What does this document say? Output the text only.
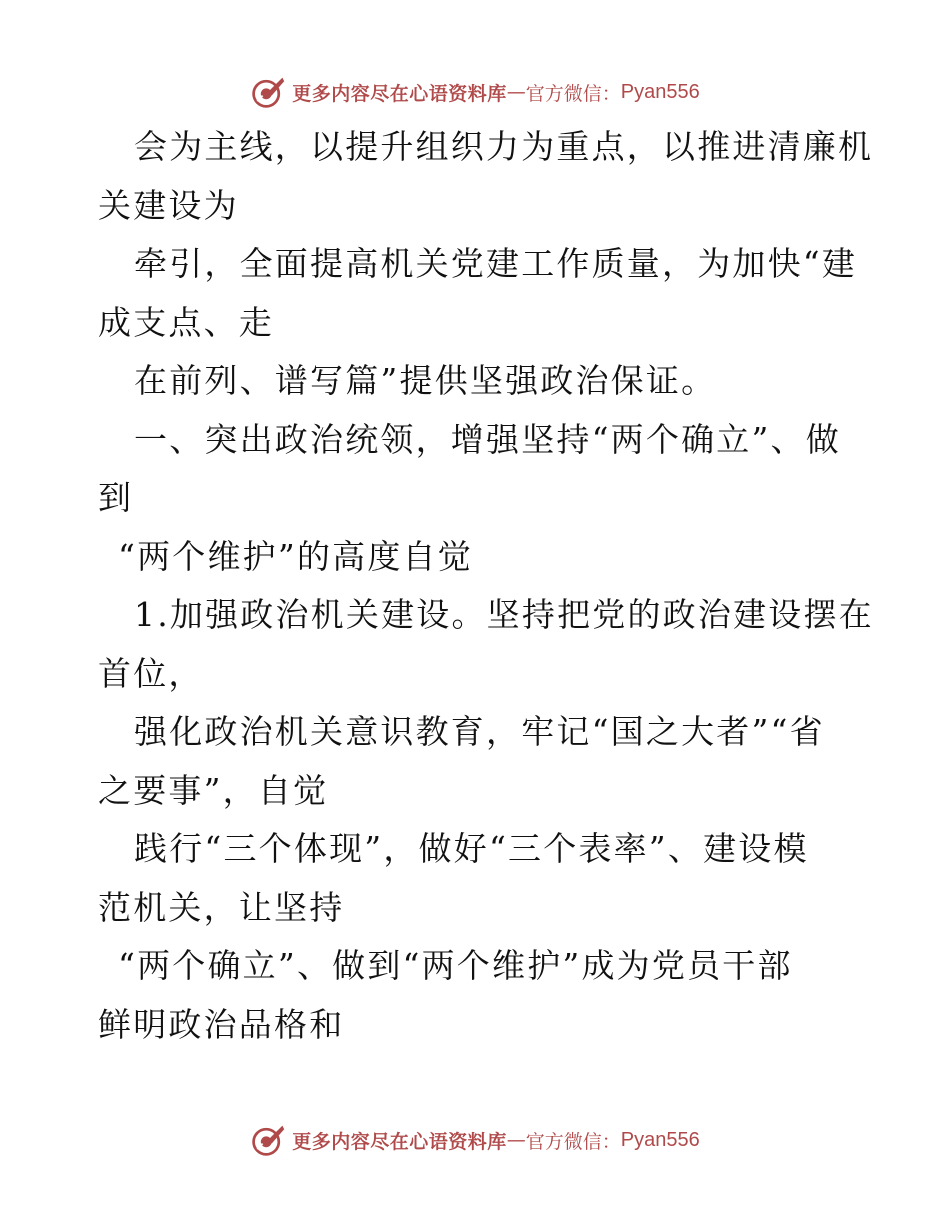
更多内容尽在心语资料库 — 官方微信： Pyan556
会为主线，以提升组织力为重点，以推进清廉机
关建设为
牵引，全面提高机关党建工作质量，为加快“建
成支点、走
在前列、谱写篇”提供坚强政治保证。
一、突出政治统领，增强坚持“两个确立”、做
到
“两个维护”的高度自觉
1.加强政治机关建设。坚持把党的政治建设摆在
首位，
强化政治机关意识教育，牢记“国之大者”“省
之要事”，自觉
践行“三个体现”，做好“三个表率”、建设模
范机关，让坚持
“两个确立”、做到“两个维护”成为党员干部
鲜明政治品格和
更多内容尽在心语资料库 — 官方微信： Pyan556
